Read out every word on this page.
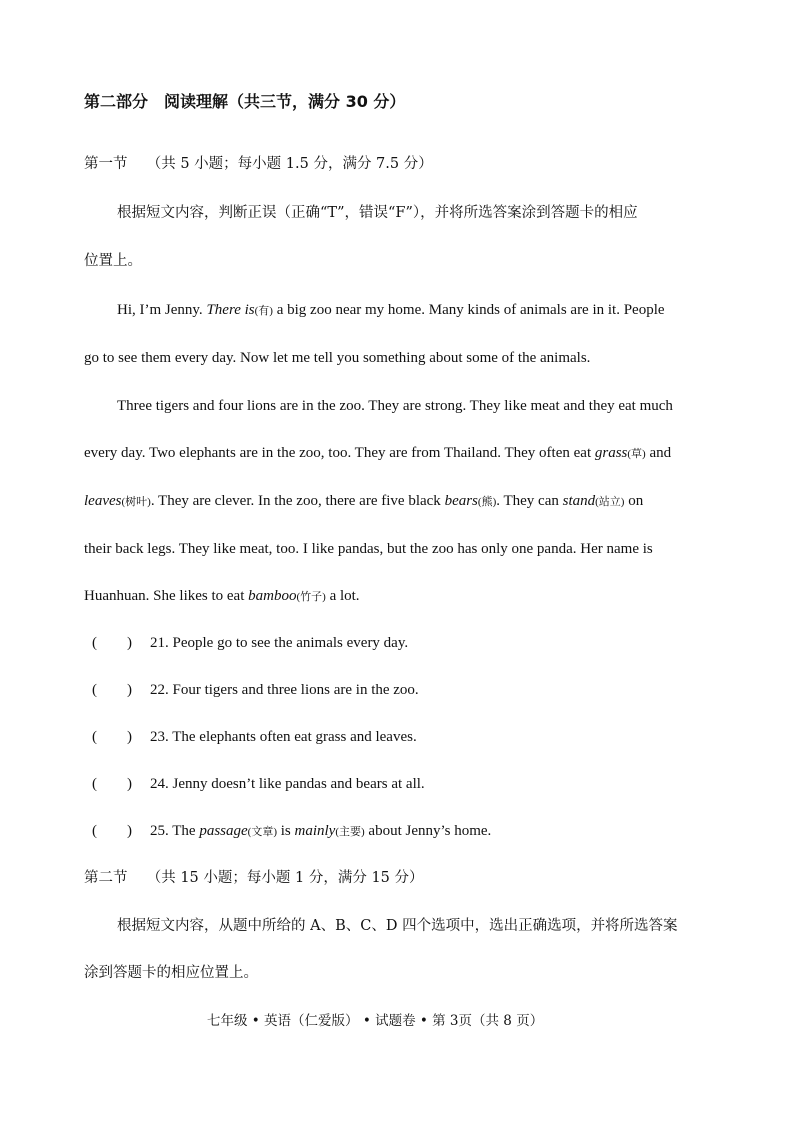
第二部分　阅读理解（共三节，满分 30 分）
第一节 （共 5 小题；每小题 1.5 分，满分 7.5 分）
根据短文内容，判断正误（正确“T”，错误“F”），并将所选答案涂到答题卡的相应
位置上。
Hi, I’m Jenny. There is(有) a big zoo near my home. Many kinds of animals are in it. People
go to see them every day. Now let me tell you something about some of the animals.
Three tigers and four lions are in the zoo. They are strong. They like meat and they eat much
every day. Two elephants are in the zoo, too. They are from Thailand. They often eat grass(草) and
leaves(树叶). They are clever. In the zoo, there are five black bears(熊). They can stand(站立) on
their back legs. They like meat, too. I like pandas, but the zoo has only one panda. Her name is
Huanhuan. She likes to eat bamboo(竹子) a lot.
(　　) 21. People go to see the animals every day.
(　　) 22. Four tigers and three lions are in the zoo.
(　　) 23. The elephants often eat grass and leaves.
(　　) 24. Jenny doesn’t like pandas and bears at all.
(　　) 25. The passage(文章) is mainly(主要) about Jenny’s home.
第二节 （共 15 小题；每小题 1 分，满分 15 分）
根据短文内容，从题中所给的 A、B、C、D 四个选项中，选出正确选项，并将所选答案
涂到答题卡的相应位置上。
七年级 • 英语（仁爱版） • 试题卷 • 第 3页（共 8 页）
